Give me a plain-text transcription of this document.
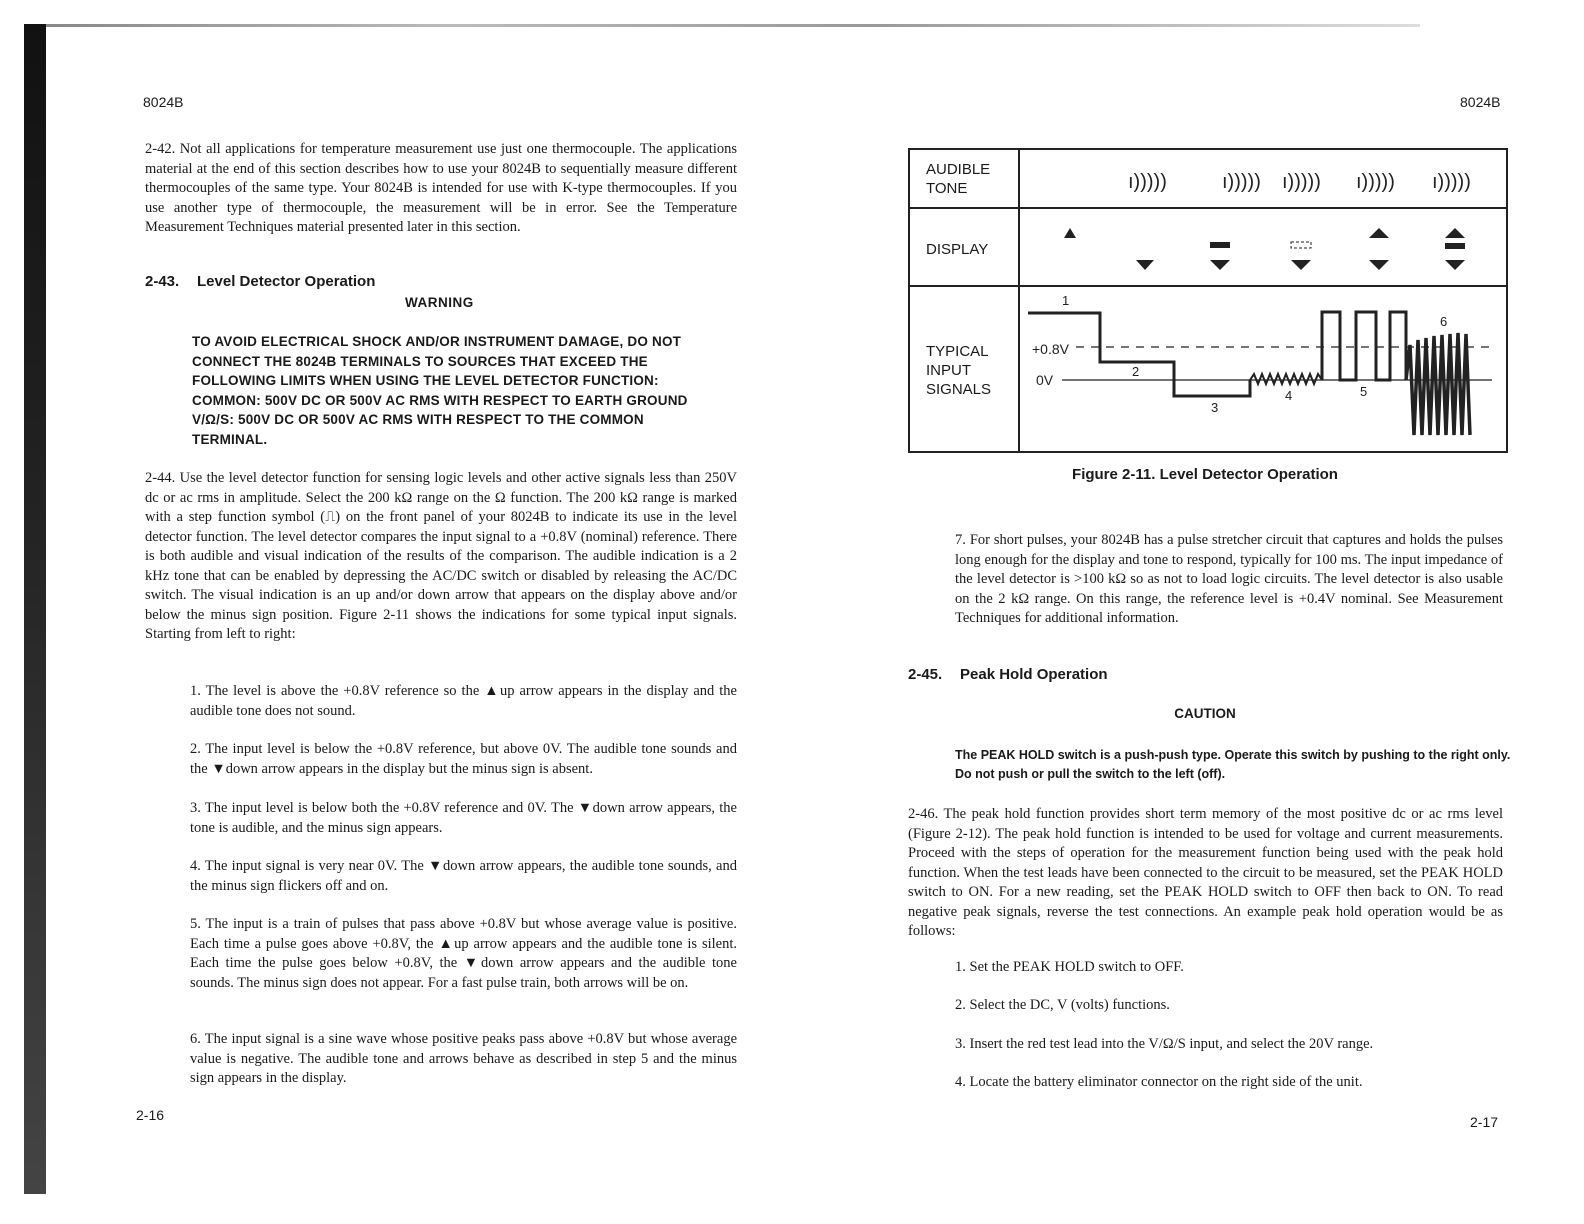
8024B
2-42. Not all applications for temperature measurement use just one thermocouple. The applications material at the end of this section describes how to use your 8024B to sequentially measure different thermocouples of the same type. Your 8024B is intended for use with K-type thermocouples. If you use another type of thermocouple, the measurement will be in error. See the Temperature Measurement Techniques material presented later in this section.
2-43. Level Detector Operation
WARNING
TO AVOID ELECTRICAL SHOCK AND/OR INSTRUMENT DAMAGE, DO NOT CONNECT THE 8024B TERMINALS TO SOURCES THAT EXCEED THE FOLLOWING LIMITS WHEN USING THE LEVEL DETECTOR FUNCTION: COMMON: 500V DC OR 500V AC RMS WITH RESPECT TO EARTH GROUND V/Ω/S: 500V DC OR 500V AC RMS WITH RESPECT TO THE COMMON TERMINAL.
2-44. Use the level detector function for sensing logic levels and other active signals less than 250V dc or ac rms in amplitude. Select the 200 kΩ range on the Ω function. The 200 kΩ range is marked with a step function symbol (⎍) on the front panel of your 8024B to indicate its use in the level detector function. The level detector compares the input signal to a +0.8V (nominal) reference. There is both audible and visual indication of the results of the comparison. The audible indication is a 2 kHz tone that can be enabled by depressing the AC/DC switch or disabled by releasing the AC/DC switch. The visual indication is an up and/or down arrow that appears on the display above and/or below the minus sign position. Figure 2-11 shows the indications for some typical input signals. Starting from left to right:
1. The level is above the +0.8V reference so the ▲up arrow appears in the display and the audible tone does not sound.
2. The input level is below the +0.8V reference, but above 0V. The audible tone sounds and the ▼down arrow appears in the display but the minus sign is absent.
3. The input level is below both the +0.8V reference and 0V. The ▼down arrow appears, the tone is audible, and the minus sign appears.
4. The input signal is very near 0V. The ▼down arrow appears, the audible tone sounds, and the minus sign flickers off and on.
5. The input is a train of pulses that pass above +0.8V but whose average value is positive. Each time a pulse goes above +0.8V, the ▲up arrow appears and the audible tone is silent. Each time the pulse goes below +0.8V, the ▼down arrow appears and the audible tone sounds. The minus sign does not appear. For a fast pulse train, both arrows will be on.
6. The input signal is a sine wave whose positive peaks pass above +0.8V but whose average value is negative. The audible tone and arrows behave as described in step 5 and the minus sign appears in the display.
2-16
8024B
AUDIBLE
TONE
DISPLAY
TYPICAL
INPUT
SIGNALS
ı)))))	ı))))) ı))))) ı))))) ı)))))
+0.8V
0V
1
2
3
4	5
6
Figure 2-11. Level Detector Operation
7. For short pulses, your 8024B has a pulse stretcher circuit that captures and holds the pulses long enough for the display and tone to respond, typically for 100 ms. The input impedance of the level detector is >100 kΩ so as not to load logic circuits. The level detector is also usable on the 2 kΩ range. On this range, the reference level is +0.4V nominal. See Measurement Techniques for additional information.
2-45. Peak Hold Operation
CAUTION
The PEAK HOLD switch is a push-push type. Operate this switch by pushing to the right only. Do not push or pull the switch to the left (off).
2-46. The peak hold function provides short term memory of the most positive dc or ac rms level (Figure 2-12). The peak hold function is intended to be used for voltage and current measurements. Proceed with the steps of operation for the measurement function being used with the peak hold function. When the test leads have been connected to the circuit to be measured, set the PEAK HOLD switch to ON. For a new reading, set the PEAK HOLD switch to OFF then back to ON. To read negative peak signals, reverse the test connections. An example peak hold operation would be as follows:
1. Set the PEAK HOLD switch to OFF.
2. Select the DC, V (volts) functions.
3. Insert the red test lead into the V/Ω/S input, and select the 20V range.
4. Locate the battery eliminator connector on the right side of the unit.
2-17
